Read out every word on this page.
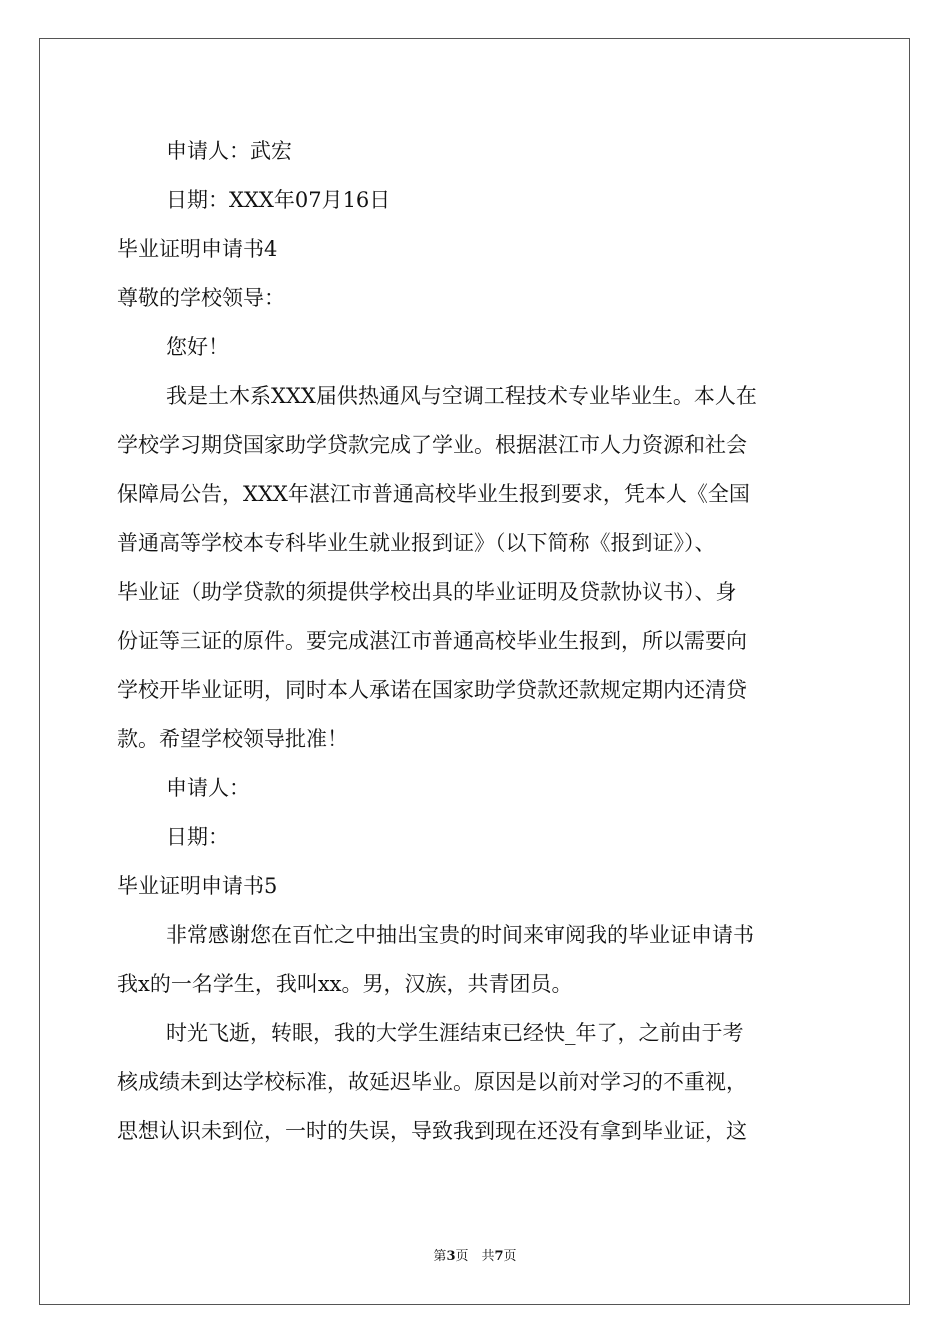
申请人：武宏
日期：XXX年07月16日
毕业证明申请书4
尊敬的学校领导：
您好！
我是土木系XXX届供热通风与空调工程技术专业毕业生。本人在
学校学习期贷国家助学贷款完成了学业。根据湛江市人力资源和社会
保障局公告，XXX年湛江市普通高校毕业生报到要求，凭本人《全国
普通高等学校本专科毕业生就业报到证》（以下简称《报到证》）、
毕业证（助学贷款的须提供学校出具的毕业证明及贷款协议书）、身
份证等三证的原件。要完成湛江市普通高校毕业生报到，所以需要向
学校开毕业证明，同时本人承诺在国家助学贷款还款规定期内还清贷
款。希望学校领导批准！
申请人：
日期：
毕业证明申请书5
非常感谢您在百忙之中抽出宝贵的时间来审阅我的毕业证申请书
我x的一名学生，我叫xx。男，汉族，共青团员。
时光飞逝，转眼，我的大学生涯结束已经快_年了，之前由于考
核成绩未到达学校标准，故延迟毕业。原因是以前对学习的不重视，
思想认识未到位，一时的失误，导致我到现在还没有拿到毕业证，这
第3页　共7页
